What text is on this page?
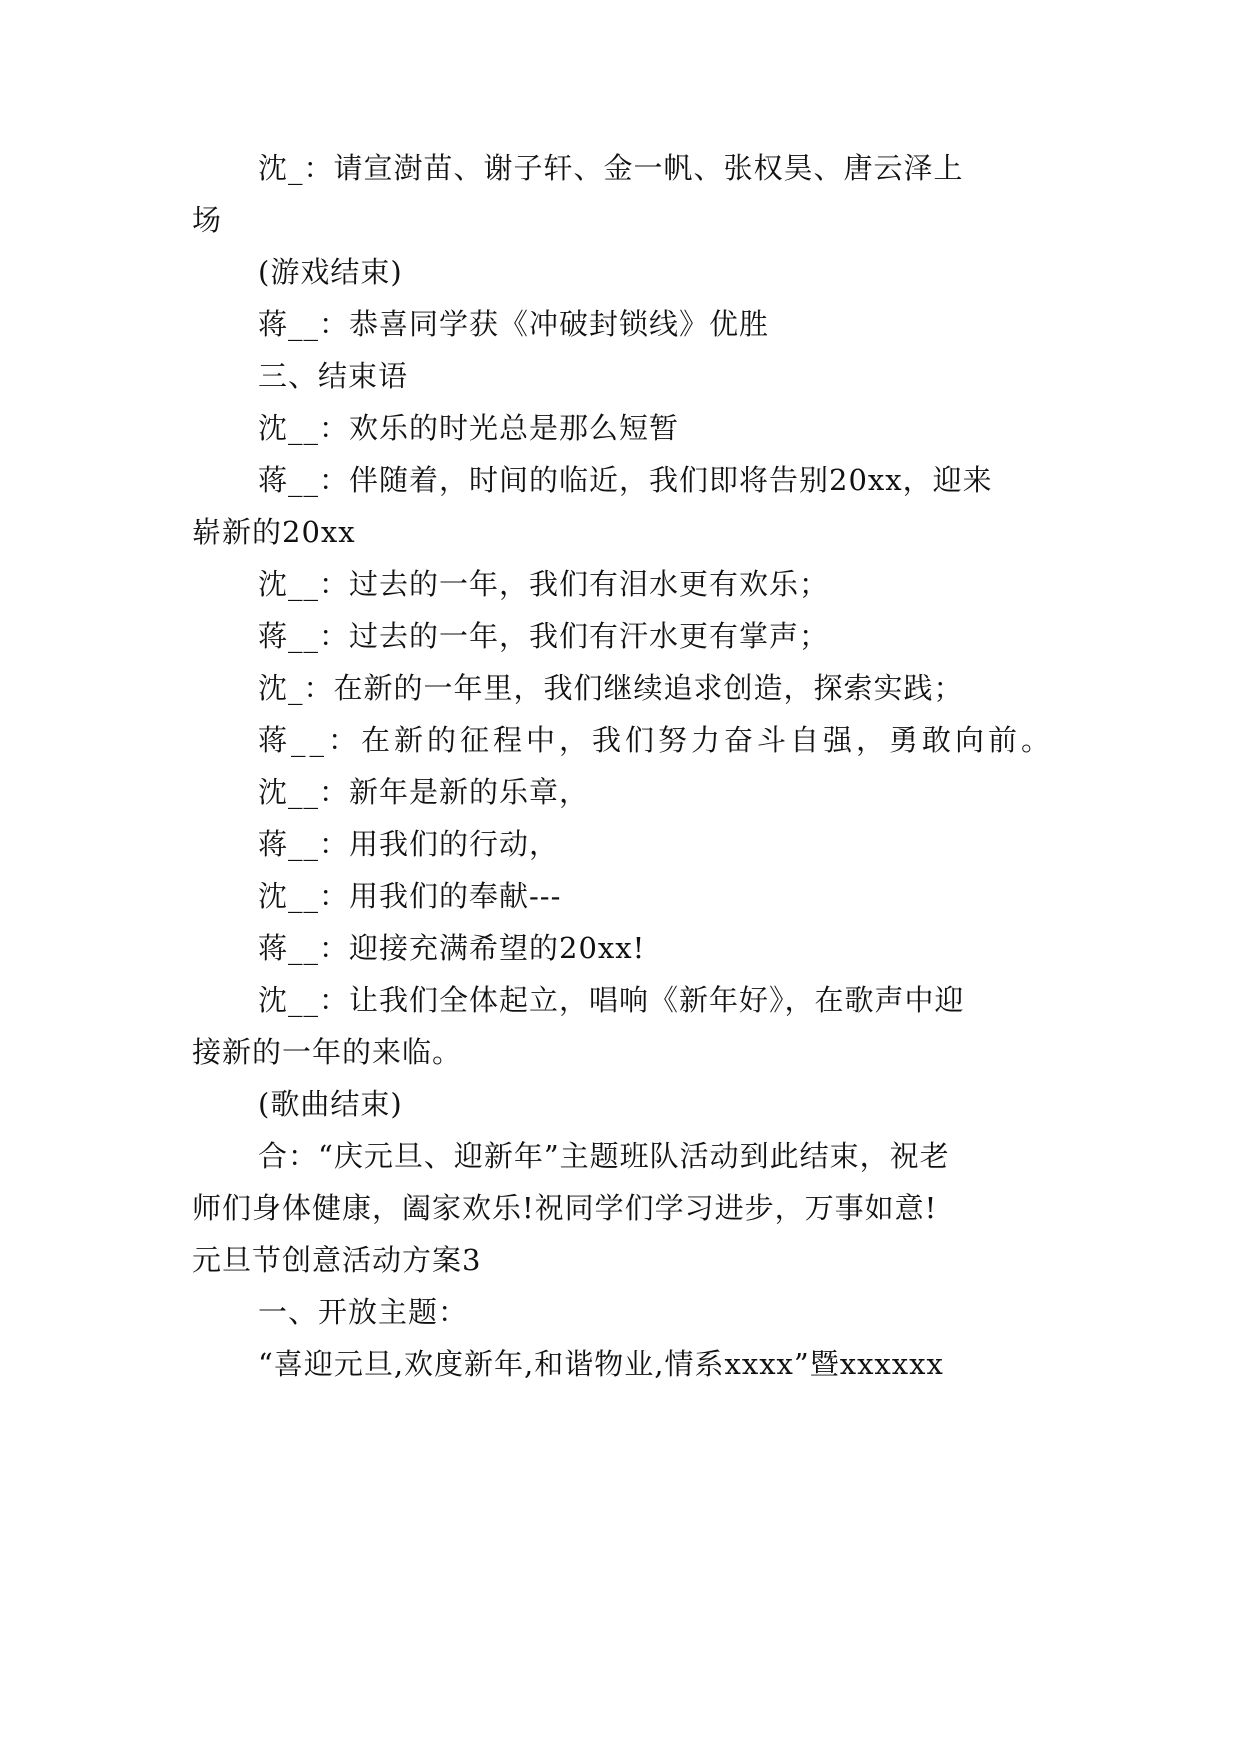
沈_：请宣澍苗、谢子轩、金一帆、张权昊、唐云泽上
场
(游戏结束)
蒋__：恭喜同学获《冲破封锁线》优胜
三、结束语
沈__：欢乐的时光总是那么短暂
蒋__：伴随着，时间的临近，我们即将告别20xx，迎来
崭新的20xx
沈__：过去的一年，我们有泪水更有欢乐；
蒋__：过去的一年，我们有汗水更有掌声；
沈_：在新的一年里，我们继续追求创造，探索实践；
蒋__：在新的征程中，我们努力奋斗自强，勇敢向前。
沈__：新年是新的乐章，
蒋__：用我们的行动，
沈__：用我们的奉献---
蒋__：迎接充满希望的20xx!
沈__：让我们全体起立，唱响《新年好》，在歌声中迎
接新的一年的来临。
(歌曲结束)
合：“庆元旦、迎新年”主题班队活动到此结束，祝老
师们身体健康，阖家欢乐!祝同学们学习进步，万事如意!
元旦节创意活动方案3
一、开放主题：
“喜迎元旦,欢度新年,和谐物业,情系xxxx”暨xxxxxx
